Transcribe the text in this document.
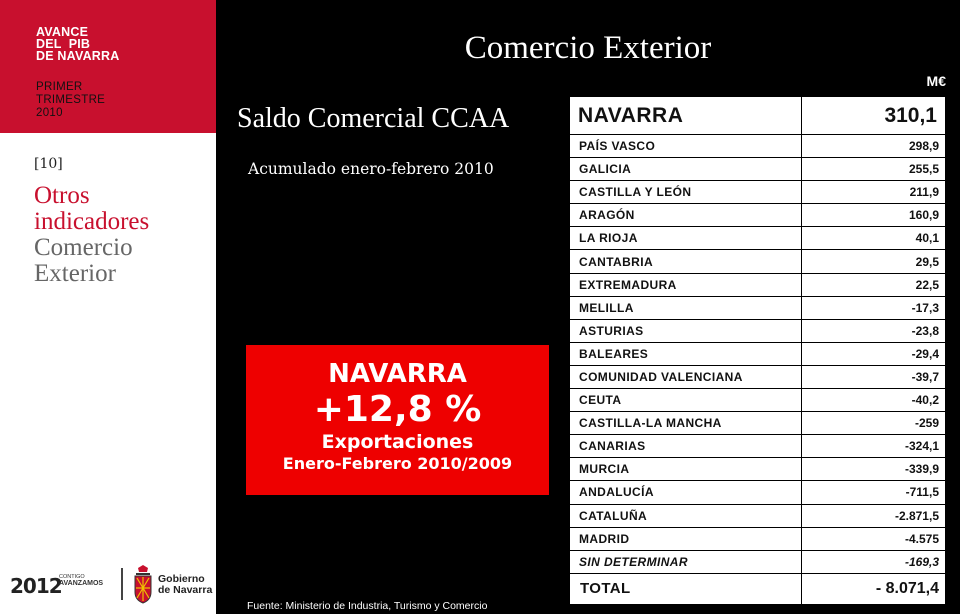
AVANCE
DEL  PIB
DE NAVARRA
PRIMER
TRIMESTRE
2010
[10]
Otros
indicadores
Comercio
Exterior
2012
CONTIGO
AVANZAMOS	Gobierno
de Navarra
Comercio Exterior
M€
Saldo Comercial CCAA
Acumulado enero-febrero 2010
NAVARRA
+12,8 %
Exportaciones
Enero-Febrero 2010/2009
Fuente: Ministerio de Industria, Turismo y Comercio
NAVARRA	310,1
PAÍS VASCO	298,9
GALICIA	255,5
CASTILLA Y LEÓN	211,9
ARAGÓN	160,9
LA RIOJA	40,1
CANTABRIA	29,5
EXTREMADURA	22,5
MELILLA	-17,3
ASTURIAS	-23,8
BALEARES	-29,4
COMUNIDAD VALENCIANA	-39,7
CEUTA	-40,2
CASTILLA-LA MANCHA	-259
CANARIAS	-324,1
MURCIA	-339,9
ANDALUCÍA	-711,5
CATALUÑA	-2.871,5
MADRID	-4.575
SIN DETERMINAR	-169,3
TOTAL	- 8.071,4
